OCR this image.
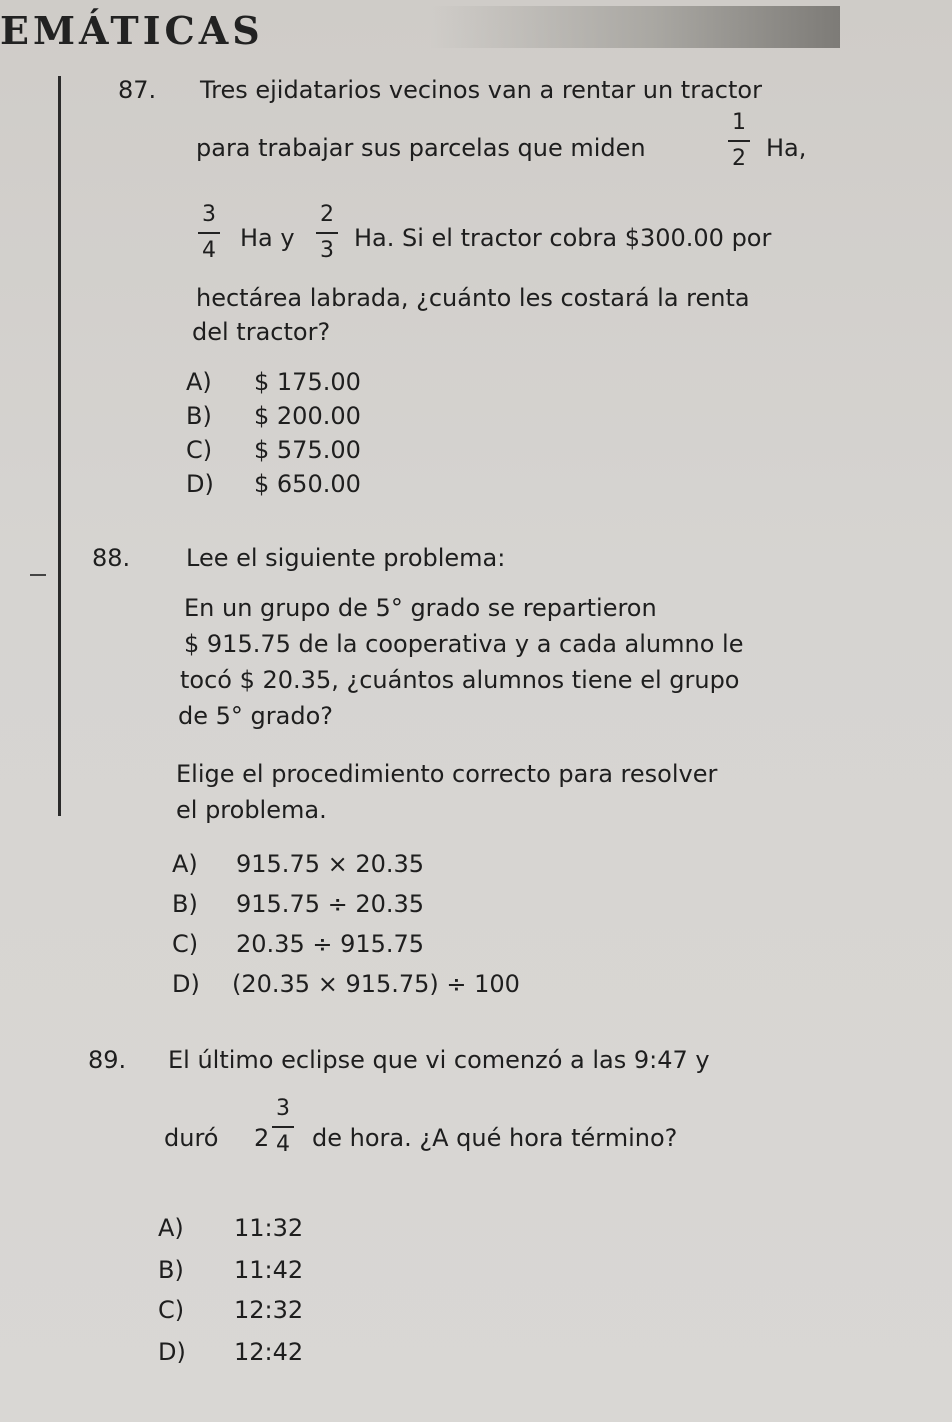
EMÁTICAS
87. Tres ejidatarios vecinos van a rentar un tractor
para trabajar sus parcelas que miden
1
2 Ha,
3
4 Ha y
2
3 Ha. Si el tractor cobra $300.00 por
hectárea labrada, ¿cuánto les costará la renta
del tractor?
A) $ 175.00
B) $ 200.00
C) $ 575.00
D) $ 650.00
88. Lee el siguiente problema:
En un grupo de 5° grado se repartieron
$ 915.75 de la cooperativa y a cada alumno le
tocó $ 20.35, ¿cuántos alumnos tiene el grupo
de 5° grado?
Elige el procedimiento correcto para resolver
el problema.
A) 915.75 × 20.35
B) 915.75 ÷ 20.35
C) 20.35 ÷ 915.75
D) (20.35 × 915.75) ÷ 100
89. El último eclipse que vi comenzó a las 9:47 y
duró 2
3
4 de hora. ¿A qué hora término?
A) 11:32
B) 11:42
C) 12:32
D) 12:42
